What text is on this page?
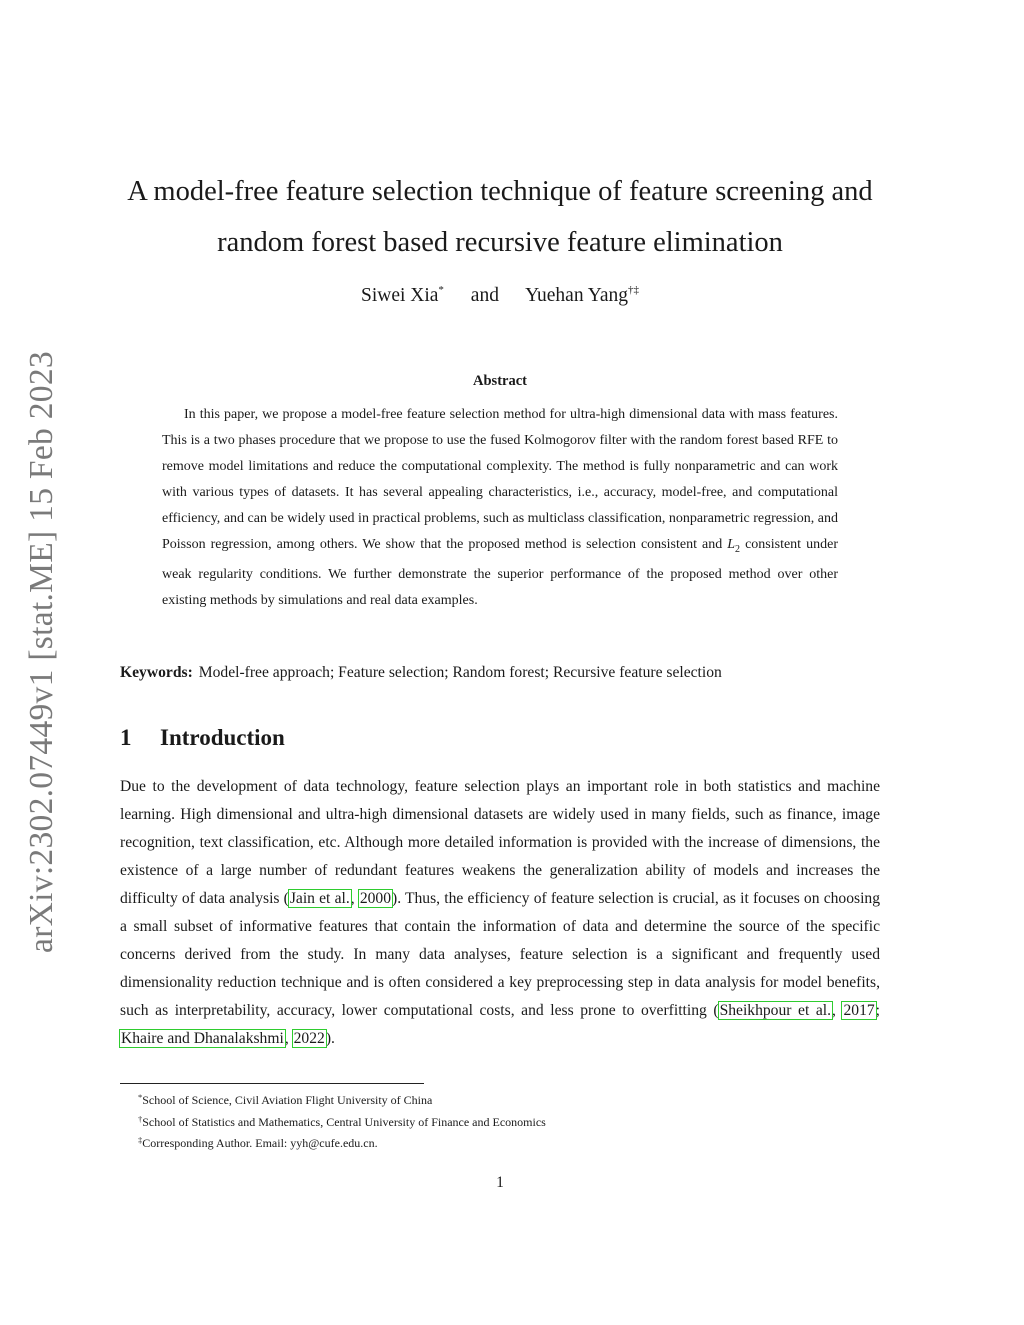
arXiv:2302.07449v1 [stat.ME] 15 Feb 2023
A model-free feature selection technique of feature screening and
random forest based recursive feature elimination
Siwei Xia* and Yuehan Yang†‡
Abstract

In this paper, we propose a model-free feature selection method for ultra-high dimensional data with mass features. This is a two phases procedure that we propose to use the fused Kolmogorov filter with the random forest based RFE to remove model limitations and reduce the computational complexity. The method is fully nonparametric and can work with various types of datasets. It has several appealing characteristics, i.e., accuracy, model-free, and computational efficiency, and can be widely used in practical problems, such as multiclass classification, nonparametric regression, and Poisson regression, among others. We show that the proposed method is selection consistent and $L_2$ consistent under weak regularity conditions. We further demonstrate the superior performance of the proposed method over other existing methods by simulations and real data examples.

Keywords: Model-free approach; Feature selection; Random forest; Recursive feature selection
1 Introduction

Due to the development of data technology, feature selection plays an important role in both statistics and machine learning. High dimensional and ultra-high dimensional datasets are widely used in many fields, such as finance, image recognition, text classification, etc. Although more detailed information is provided with the increase of dimensions, the existence of a large number of redundant features weakens the generalization ability of models and increases the difficulty of data analysis (Jain et al., 2000). Thus, the efficiency of feature selection is crucial, as it focuses on choosing a small subset of informative features that contain the information of data and determine the source of the specific concerns derived from the study. In many data analyses, feature selection is a significant and frequently used dimensionality reduction technique and is often considered a key preprocessing step in data analysis for model benefits, such as interpretability, accuracy, lower computational costs, and less prone to overfitting (Sheikhpour et al., 2017; Khaire and Dhanalakshmi, 2022).

*School of Science, Civil Aviation Flight University of China
†School of Statistics and Mathematics, Central University of Finance and Economics
‡Corresponding Author. Email: yyh@cufe.edu.cn.
1
